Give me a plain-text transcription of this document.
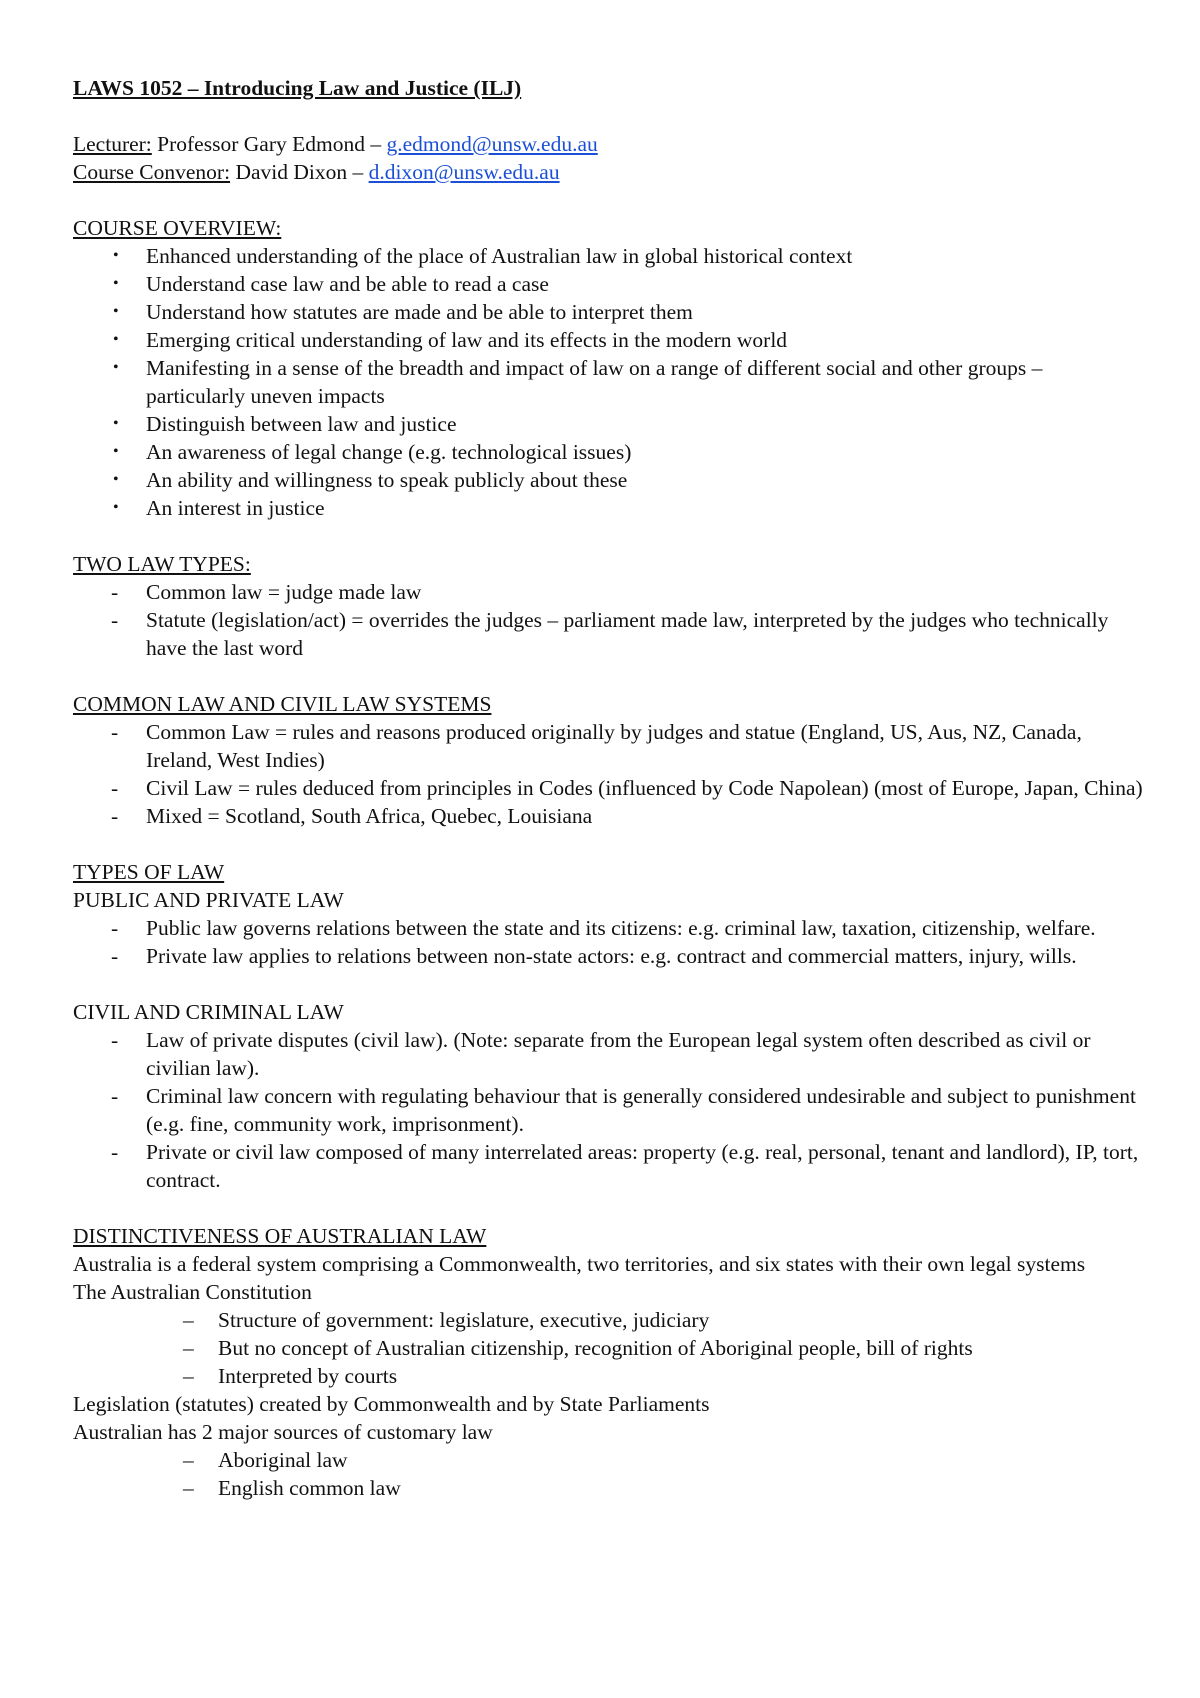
LAWS 1052 – Introducing Law and Justice (ILJ)

Lecturer: Professor Gary Edmond – g.edmond@unsw.edu.au

Course Convenor: David Dixon – d.dixon@unsw.edu.au

COURSE OVERVIEW:

• Enhanced understanding of the place of Australian law in global historical context
• Understand case law and be able to read a case
• Understand how statutes are made and be able to interpret them
• Emerging critical understanding of law and its effects in the modern world
• Manifesting in a sense of the breadth and impact of law on a range of different social and other groups – particularly uneven impacts
• Distinguish between law and justice
• An awareness of legal change (e.g. technological issues)
• An ability and willingness to speak publicly about these
• An interest in justice

TWO LAW TYPES:

- Common law = judge made law
- Statute (legislation/act) = overrides the judges – parliament made law, interpreted by the judges who technically have the last word

COMMON LAW AND CIVIL LAW SYSTEMS

- Common Law = rules and reasons produced originally by judges and statue (England, US, Aus, NZ, Canada, Ireland, West Indies)
- Civil Law = rules deduced from principles in Codes (influenced by Code Napolean) (most of Europe, Japan, China)
- Mixed = Scotland, South Africa, Quebec, Louisiana

TYPES OF LAW

PUBLIC AND PRIVATE LAW

- Public law governs relations between the state and its citizens: e.g. criminal law, taxation, citizenship, welfare.
- Private law applies to relations between non-state actors: e.g. contract and commercial matters, injury, wills.

CIVIL AND CRIMINAL LAW

- Law of private disputes (civil law). (Note: separate from the European legal system often described as civil or civilian law).
- Criminal law concern with regulating behaviour that is generally considered undesirable and subject to punishment (e.g. fine, community work, imprisonment).
- Private or civil law composed of many interrelated areas: property (e.g. real, personal, tenant and landlord), IP, tort, contract.

DISTINCTIVENESS OF AUSTRALIAN LAW

Australia is a federal system comprising a Commonwealth, two territories, and six states with their own legal systems

The Australian Constitution

– Structure of government: legislature, executive, judiciary
– But no concept of Australian citizenship, recognition of Aboriginal people, bill of rights
– Interpreted by courts

Legislation (statutes) created by Commonwealth and by State Parliaments

Australian has 2 major sources of customary law

– Aboriginal law
– English common law
